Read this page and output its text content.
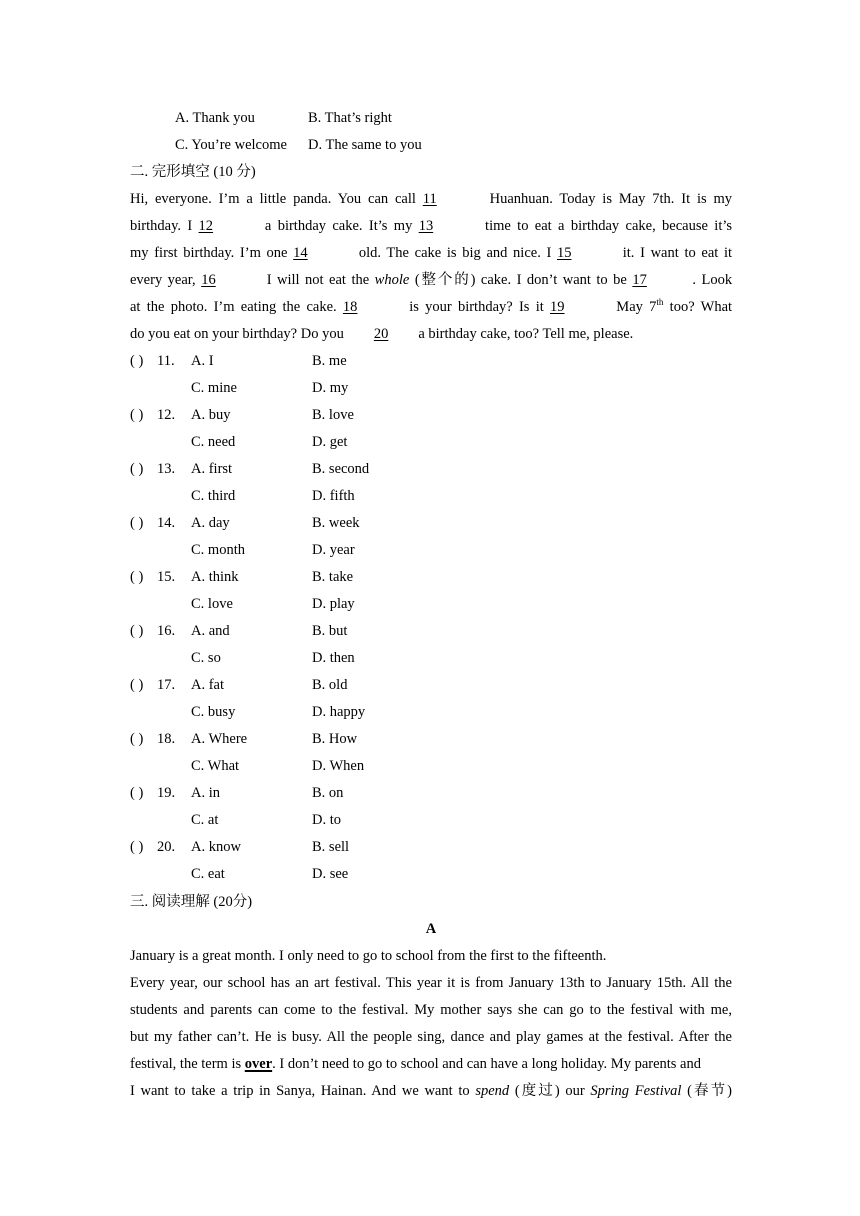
A. Thank you	B. That’s right
C. You’re welcome D. The same to you
二. 完形填空 (10 分)
Hi, everyone. I’m a little panda. You can call 11	Huanhuan. Today is May 7th. It is my
birthday. I 12	a birthday cake. It’s my 13	time to eat a birthday cake, because it’s
my first birthday. I’m one 14	old. The cake is big and nice. I 15	it. I want to eat it
every year, 16	I will not eat the whole (整个的) cake. I don’t want to be 17	. Look
at the photo. I’m eating the cake. 18	is your birthday? Is it 19	May 7th too? What
do you eat on your birthday? Do you 20 a birthday cake, too? Tell me, please.
( ) 11. A. I	B. me
C. mine	D. my
( ) 12. A. buy	B. love
C. need	D. get
( ) 13. A. first	B. second
C. third	D. fifth
( ) 14. A. day	B. week
C. month	D. year
( ) 15. A. think	B. take
C. love	D. play
( ) 16. A. and	B. but
C. so	D. then
( ) 17. A. fat	B. old
C. busy	D. happy
( ) 18. A. Where	B. How
C. What	D. When
( ) 19. A. in	B. on
C. at	D. to
( ) 20. A. know	B. sell
C. eat	D. see
三. 阅读理解 (20分)
A
January is a great month. I only need to go to school from the first to the fifteenth.
Every year, our school has an art festival. This year it is from January 13th to January 15th. All the
students and parents can come to the festival. My mother says she can go to the festival with me,
but my father can’t. He is busy. All the people sing, dance and play games at the festival. After the
festival, the term is over. I don’t need to go to school and can have a long holiday. My parents and
I want to take a trip in Sanya, Hainan. And we want to spend (度过) our Spring Festival (春节)
